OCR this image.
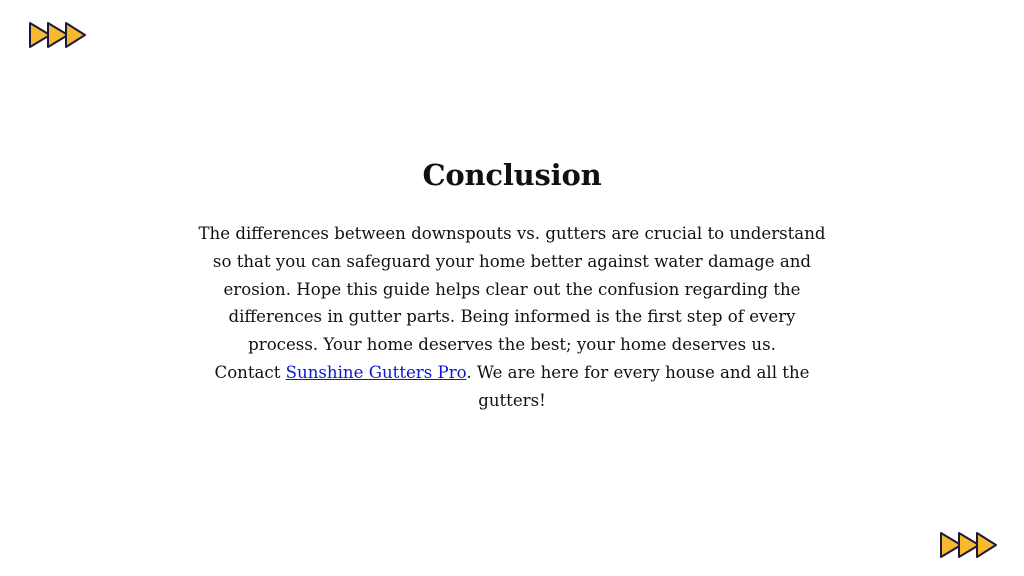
Conclusion

The differences between downspouts vs. gutters are crucial to understand so that you can safeguard your home better against water damage and erosion. Hope this guide helps clear out the confusion regarding the differences in gutter parts. Being informed is the first step of every process. Your home deserves the best; your home deserves us.
Contact Sunshine Gutters Pro. We are here for every house and all the gutters!
